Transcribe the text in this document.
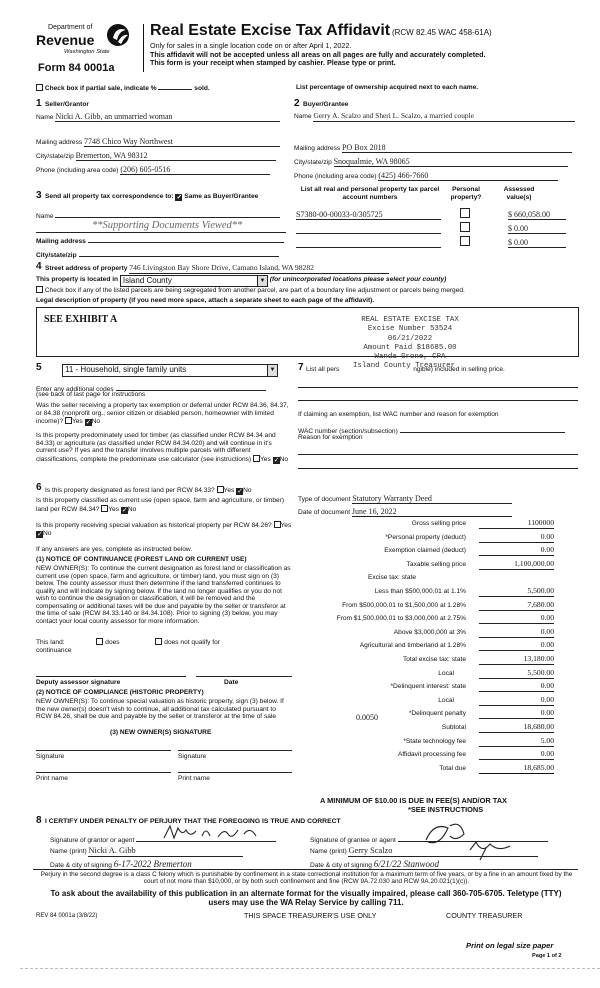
Department of
Revenue
Washington State
Form 84 0001a
Real Estate Excise Tax Affidavit (RCW 82.45 WAC 458-61A)
Only for sales in a single location code on or after April 1, 2022.
This affidavit will not be accepted unless all areas on all pages are fully and accurately completed.
This form is your receipt when stamped by cashier. Please type or print.
Check box if partial sale, indicate %	sold.	List percentage of ownership acquired next to each name.
1 Seller/Grantor
Name Nicki A. Gibb, an unmarried woman
Mailing address 7748 Chico Way Northwest
City/state/zip Bremerton, WA 98312
Phone (including area code) (206) 605-0516
2 Buyer/Grantee
Name Gerry A. Scalzo and Sheri L. Scalzo, a married couple
Mailing address PO Box 2018
City/state/zip Snoqualmie, WA 98065
Phone (including area code) (425) 466-7660
3 Send all property tax correspondence to: ✓ Same as Buyer/Grantee
Name
**Supporting Documents Viewed**
Mailing address
City/state/zip
List all real and personal property tax parcel account numbers
Personal property?
Assessed value(s)
S7380-00-00033-0/305725	$ 660,058.00
$ 0.00
$ 0.00
4 Street address of property 746 Livingston Bay Shore Drive, Camano Island, WA 98282
This property is located in Island County	▼ (for unincorporated locations please select your county)
Check box if any of the listed parcels are being segregated from another parcel, are part of a boundary line adjustment or parcels being merged.
Legal description of property (if you need more space, attach a separate sheet to each page of the affidavit).
SEE EXHIBIT A	REAL ESTATE EXCISE TAX
Excise Number 53524
06/21/2022
Amount Paid $18685.00
Wanda Grone, CPA
5	11 - Household, single family units	▼
Enter any additional codes
(see back of last page for instructions
Was the seller receiving a property tax exemption or deferral under RCW 84.36, 84.37, or 84.38 (nonprofit org., senior citizen or disabled person, homeowner with limited income)? Yes ✓No
Is this property predominately used for timber (as classified under RCW 84.34 and 84.33) or agriculture (as classified under RCW 84.34.020) and will continue in it's current use? If yes and the transfer involves multiple parcels with different classifications, complete the predominate use calculator (see instructions) Yes ✓No
7 List all pers	ngible) included in selling price.
Island County Treasurer
If claiming an exemption, list WAC number and reason for exemption
WAC number (section/subsection)
Reason for exemption
6 Is this property designated as forest land per RCW 84.33? Yes ✓No
Is this property classified as current use (open space, farm and agriculture, or timber) land per RCW 84.34? Yes ✓No
Is this property receiving special valuation as historical property per RCW 84.26? Yes ✓No
If any answers are yes, complete as instructed below.
(1) NOTICE OF CONTINUANCE (FOREST LAND OR CURRENT USE)
NEW OWNER(S): To continue the current designation as forest land or classification as current use (open space, farm and agriculture, or timber) land, you must sign on (3) below. The county assessor must then determine if the land transferred continues to qualify and will indicate by signing below. If the land no longer qualifies or you do not wish to continue the designation or classification, it will be removed and the compensating or additional taxes will be due and payable by the seller or transferor at the time of sale (RCW 84.33.140 or 84.34.108). Prior to signing (3) below, you may contact your local county assessor for more information.
This land:	does	does not qualify for
continuance
Deputy assessor signature	Date
(2) NOTICE OF COMPLIANCE (HISTORIC PROPERTY)
NEW OWNER(S): To continue special valuation as historic property, sign (3) below. If the new owner(s) doesn't wish to continue, all additional tax calculated pursuant to RCW 84.26, shall be due and payable by the seller or transferor at the time of sale
(3) NEW OWNER(S) SIGNATURE
Signature	Signature
Print name	Print name
Type of document Statutory Warranty Deed
Date of document June 16, 2022
Gross selling price	1100000
*Personal property (deduct)	0.00
Exemption claimed (deduct)	0.00
Taxable selling price	1,100,000.00
Excise tax: state
Less than $500,000.01 at 1.1%	5,500.00
From $500,000.01 to $1,500,000 at 1.28%	7,680.00
From $1,500,000.01 to $3,000,000 at 2.75%	0.00
Above $3,000,000 at 3%	0.00
Agricultural and timberland at 1.28%	0.00
Total excise tax: state	13,180.00
Local	5,500.00
*Delinquent interest: state	0.00
Local	0.00
*Delinquent penalty	0.00
Subtotal	18,680.00
*State technology fee	5.00
Affidavit processing fee	0.00
Total due	18,685.00
0.0050
A MINIMUM OF $10.00 IS DUE IN FEE(S) AND/OR TAX
*SEE INSTRUCTIONS
8 I CERTIFY UNDER PENALTY OF PERJURY THAT THE FOREGOING IS TRUE AND CORRECT
Signature of grantor or agent
Name (print) Nicki A. Gibb
Date & city of signing 6-17-2022 Bremerton
Signature of grantee or agent
Name (print) Gerry Scalzo
Date & city of signing 6/21/22 Stanwood
Perjury in the second degree is a class C felony which is punishable by confinement in a state correctional institution for a maximum term of five years, or by a fine in an amount fixed by the court of not more than $10,000, or by both such confinement and fine (RCW 9A.72.030 and RCW 9A.20.021(1)(c)).
To ask about the availability of this publication in an alternate format for the visually impaired, please call 360-705-6705. Teletype (TTY) users may use the WA Relay Service by calling 711.
REV 84 0001a (3/8/22)	THIS SPACE TREASURER'S USE ONLY	COUNTY TREASURER
Print on legal size paper
Page 1 of 2
